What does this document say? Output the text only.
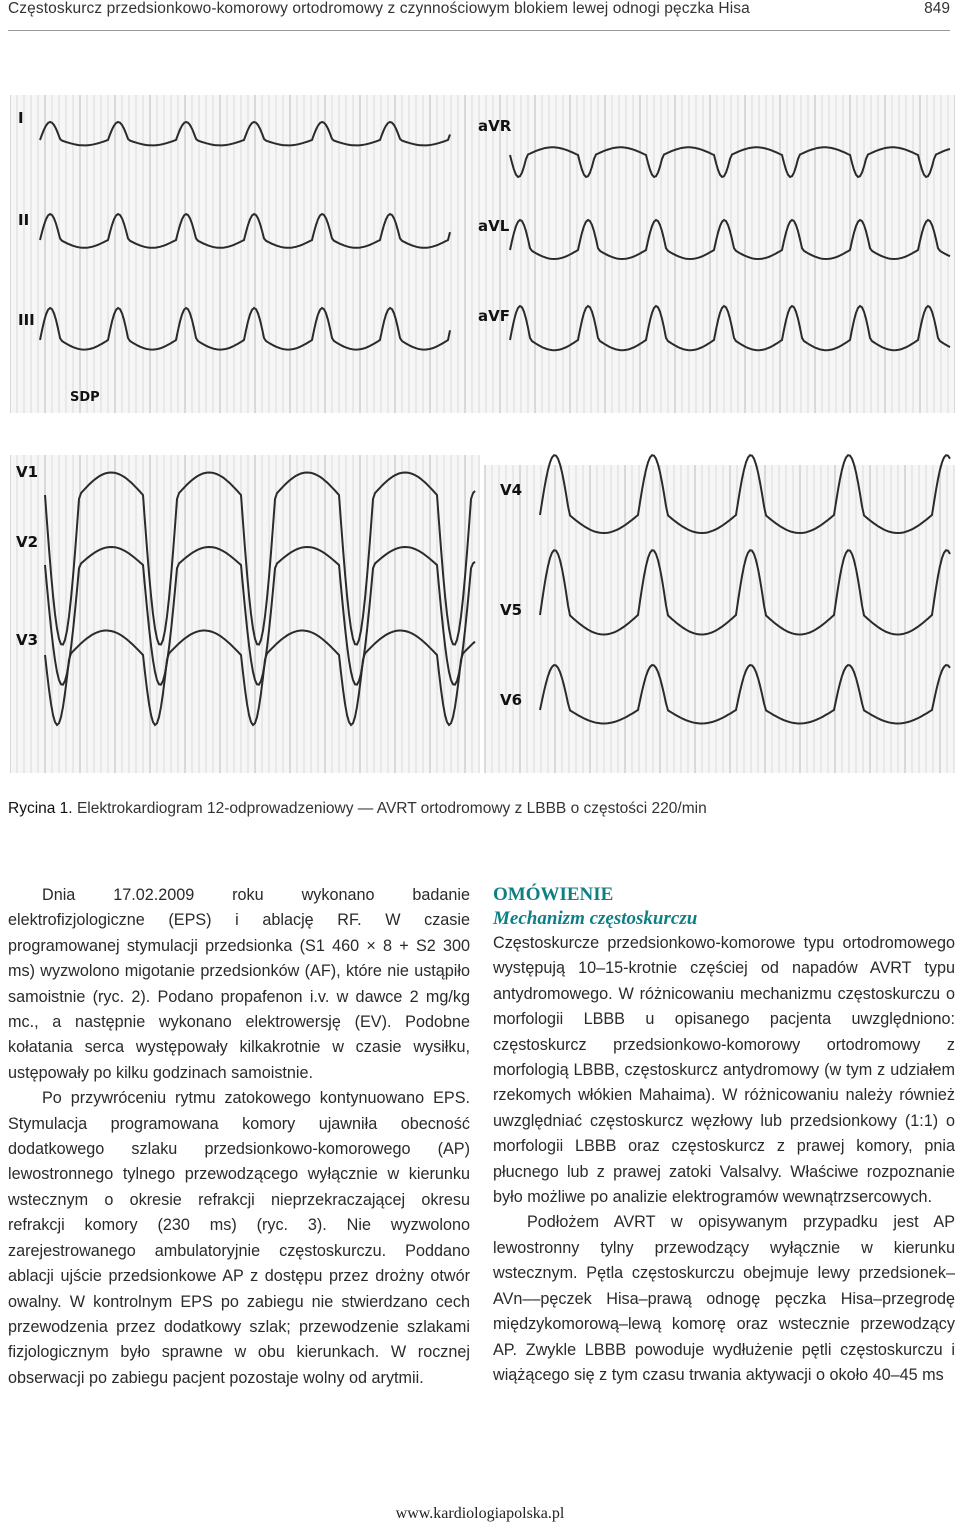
Częstoskurcz przedsionkowo-komorowy ortodromowy z czynnościowym blokiem lewej odnogi pęczka Hisa	849
I
II
III
aVR
aVL
aVF
SDP
V1
V2
V3
V4
V5
V6
Rycina 1. Elektrokardiogram 12-odprowadzeniowy — AVRT ortodromowy z LBBB o częstości 220/min

Dnia 17.02.2009 roku wykonano badanie elektrofizjologiczne (EPS) i ablację RF. W czasie programowanej stymulacji przedsionka (S1 460 × 8 + S2 300 ms) wyzwolono migotanie przedsionków (AF), które nie ustąpiło samoistnie (ryc. 2). Podano propafenon i.v. w dawce 2 mg/kg mc., a następnie wykonano elektrowersję (EV). Podobne kołatania serca występowały kilkakrotnie w czasie wysiłku, ustępowały po kilku godzinach samoistnie.

Po przywróceniu rytmu zatokowego kontynuowano EPS. Stymulacja programowana komory ujawniła obecność dodatkowego szlaku przedsionkowo-komorowego (AP) lewostronnego tylnego przewodzącego wyłącznie w kierunku wstecznym o okresie refrakcji nieprzekraczającej okresu refrakcji komory (230 ms) (ryc. 3). Nie wyzwolono zarejestrowanego ambulatoryjnie częstoskurczu. Poddano ablacji ujście przedsionkowe AP z dostępu przez drożny otwór owalny. W kontrolnym EPS po zabiegu nie stwierdzano cech przewodzenia przez dodatkowy szlak; przewodzenie szlakami fizjologicznym było sprawne w obu kierunkach. W rocznej obserwacji po zabiegu pacjent pozostaje wolny od arytmii.

OMÓWIENIE
Mechanizm częstoskurczu

Częstoskurcze przedsionkowo-komorowe typu ortodromowego występują 10–15-krotnie częściej od napadów AVRT typu antydromowego. W różnicowaniu mechanizmu częstoskurczu o morfologii LBBB u opisanego pacjenta uwzględniono: częstoskurcz przedsionkowo-komorowy ortodromowy z morfologią LBBB, częstoskurcz antydromowy (w tym z udziałem rzekomych włókien Mahaima). W różnicowaniu należy również uwzględniać częstoskurcz węzłowy lub przedsionkowy (1:1) o morfologii LBBB oraz częstoskurcz z prawej komory, pnia płucnego lub z prawej zatoki Valsalvy. Właściwe rozpoznanie było możliwe po analizie elektrogramów wewnątrzsercowych.

Podłożem AVRT w opisywanym przypadku jest AP lewostronny tylny przewodzący wyłącznie w kierunku wstecznym. Pętla częstoskurczu obejmuje lewy przedsionek–AVn––pęczek Hisa–prawą odnogę pęczka Hisa–przegrodę międzykomorową–lewą komorę oraz wstecznie przewodzący AP. Zwykle LBBB powoduje wydłużenie pętli częstoskurczu i wiążącego się z tym czasu trwania aktywacji o około 40–45 ms

www.kardiologiapolska.pl
